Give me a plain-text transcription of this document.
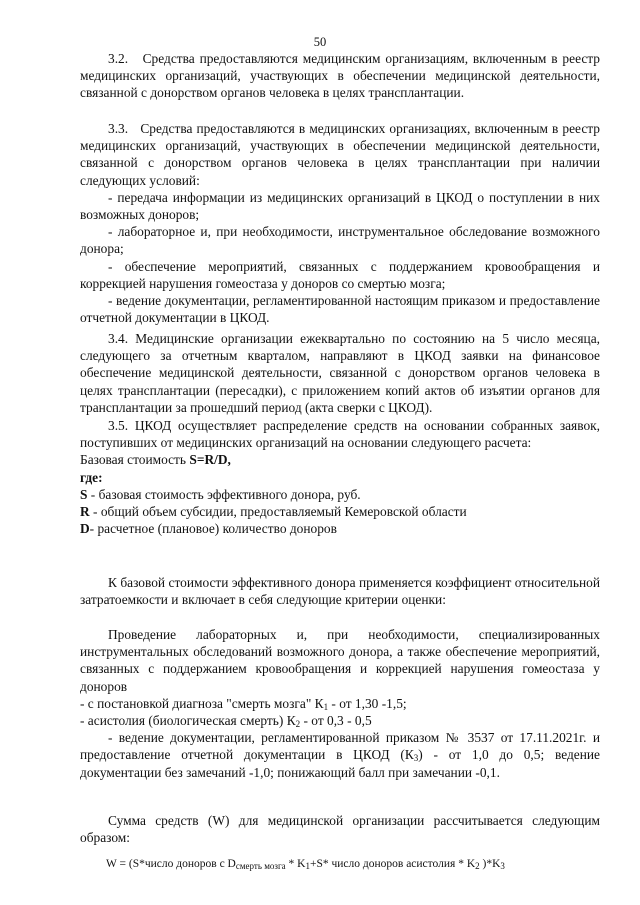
50

3.2.   Средства предоставляются медицинским организациям, включенным в реестр медицинских организаций, участвующих в обеспечении медицинской деятельности, связанной с донорством органов человека в целях трансплантации.

3.3.   Средства предоставляются в медицинских организациях, включенным в реестр медицинских организаций, участвующих в обеспечении медицинской деятельности, связанной с донорством органов человека в целях трансплантации при наличии следующих условий:

- передача информации из медицинских организаций в ЦКОД о поступлении в них возможных доноров;

- лабораторное и, при необходимости, инструментальное обследование возможного донора;

- обеспечение мероприятий, связанных с поддержанием кровообращения и коррекцией нарушения гомеостаза у доноров со смертью мозга;

- ведение документации, регламентированной настоящим приказом и предоставление отчетной документации в ЦКОД.

3.4. Медицинские организации ежеквартально по состоянию на 5 число месяца, следующего за отчетным кварталом, направляют в ЦКОД заявки на финансовое обеспечение медицинской деятельности, связанной с донорством органов человека в целях трансплантации (пересадки), с приложением копий актов об изъятии органов для трансплантации за прошедший период (акта сверки с ЦКОД).

3.5. ЦКОД осуществляет распределение средств на основании собранных заявок, поступивших от медицинских организаций на основании следующего расчета:

Базовая стоимость S=R/D,

где:

S - базовая стоимость эффективного донора, руб.

R - общий объем субсидии, предоставляемый Кемеровской области

D- расчетное (плановое) количество доноров

К базовой стоимости эффективного донора применяется коэффициент относительной затратоемкости и включает в себя следующие критерии оценки:

Проведение лабораторных и, при необходимости, специализированных инструментальных обследований возможного донора, а также обеспечение мероприятий, связанных с поддержанием кровообращения и коррекцией нарушения гомеостаза у доноров

- с постановкой диагноза "смерть мозга" $К_1$ - от 1,30 -1,5;

- асистолия (биологическая смерть) $К_2$ - от 0,3 - 0,5

- ведение документации, регламентированной приказом № 3537 от 17.11.2021г. и предоставление отчетной документации в ЦКОД $(К_3)$ - от 1,0 до 0,5; ведение документации без замечаний -1,0; понижающий балл при замечании -0,1.

Сумма средств (W) для медицинской организации рассчитывается следующим образом:

W = (S*число доноров с $D_{смерть мозга} * K_1+S*$ число доноров асистолия * $K_2$ )$*K_3$
